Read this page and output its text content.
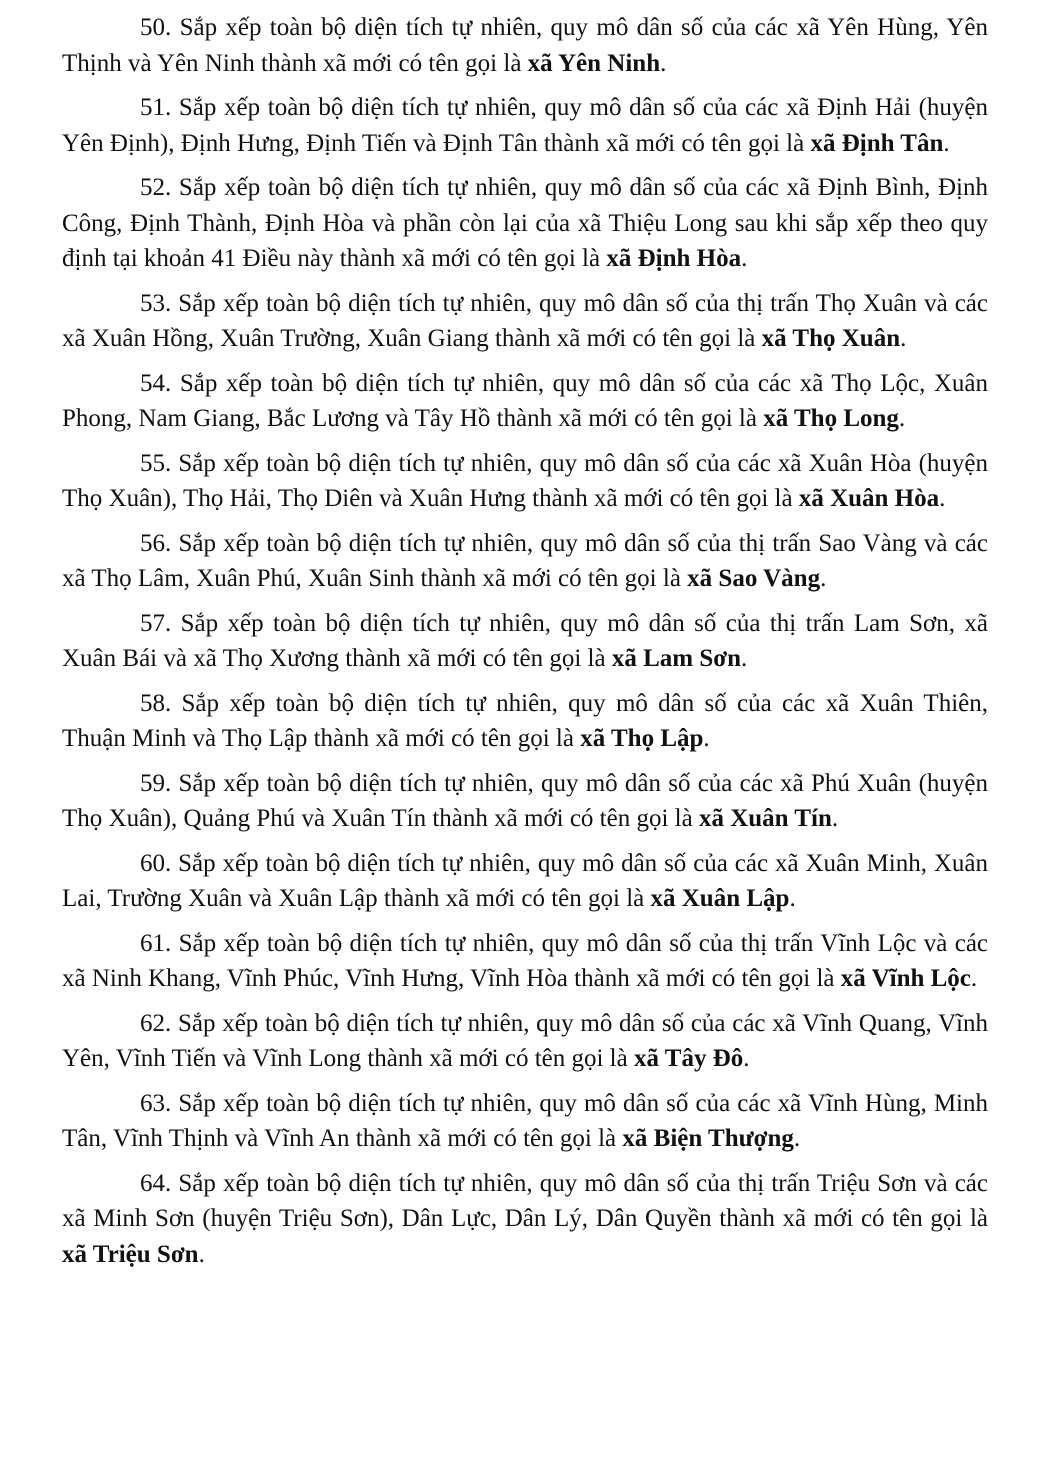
50. Sắp xếp toàn bộ diện tích tự nhiên, quy mô dân số của các xã Yên Hùng, Yên Thịnh và Yên Ninh thành xã mới có tên gọi là xã Yên Ninh.

51. Sắp xếp toàn bộ diện tích tự nhiên, quy mô dân số của các xã Định Hải (huyện Yên Định), Định Hưng, Định Tiến và Định Tân thành xã mới có tên gọi là xã Định Tân.

52. Sắp xếp toàn bộ diện tích tự nhiên, quy mô dân số của các xã Định Bình, Định Công, Định Thành, Định Hòa và phần còn lại của xã Thiệu Long sau khi sắp xếp theo quy định tại khoản 41 Điều này thành xã mới có tên gọi là xã Định Hòa.

53. Sắp xếp toàn bộ diện tích tự nhiên, quy mô dân số của thị trấn Thọ Xuân và các xã Xuân Hồng, Xuân Trường, Xuân Giang thành xã mới có tên gọi là xã Thọ Xuân.

54. Sắp xếp toàn bộ diện tích tự nhiên, quy mô dân số của các xã Thọ Lộc, Xuân Phong, Nam Giang, Bắc Lương và Tây Hồ thành xã mới có tên gọi là xã Thọ Long.

55. Sắp xếp toàn bộ diện tích tự nhiên, quy mô dân số của các xã Xuân Hòa (huyện Thọ Xuân), Thọ Hải, Thọ Diên và Xuân Hưng thành xã mới có tên gọi là xã Xuân Hòa.

56. Sắp xếp toàn bộ diện tích tự nhiên, quy mô dân số của thị trấn Sao Vàng và các xã Thọ Lâm, Xuân Phú, Xuân Sinh thành xã mới có tên gọi là xã Sao Vàng.

57. Sắp xếp toàn bộ diện tích tự nhiên, quy mô dân số của thị trấn Lam Sơn, xã Xuân Bái và xã Thọ Xương thành xã mới có tên gọi là xã Lam Sơn.

58. Sắp xếp toàn bộ diện tích tự nhiên, quy mô dân số của các xã Xuân Thiên, Thuận Minh và Thọ Lập thành xã mới có tên gọi là xã Thọ Lập.

59. Sắp xếp toàn bộ diện tích tự nhiên, quy mô dân số của các xã Phú Xuân (huyện Thọ Xuân), Quảng Phú và Xuân Tín thành xã mới có tên gọi là xã Xuân Tín.

60. Sắp xếp toàn bộ diện tích tự nhiên, quy mô dân số của các xã Xuân Minh, Xuân Lai, Trường Xuân và Xuân Lập thành xã mới có tên gọi là xã Xuân Lập.

61. Sắp xếp toàn bộ diện tích tự nhiên, quy mô dân số của thị trấn Vĩnh Lộc và các xã Ninh Khang, Vĩnh Phúc, Vĩnh Hưng, Vĩnh Hòa thành xã mới có tên gọi là xã Vĩnh Lộc.

62. Sắp xếp toàn bộ diện tích tự nhiên, quy mô dân số của các xã Vĩnh Quang, Vĩnh Yên, Vĩnh Tiến và Vĩnh Long thành xã mới có tên gọi là xã Tây Đô.

63. Sắp xếp toàn bộ diện tích tự nhiên, quy mô dân số của các xã Vĩnh Hùng, Minh Tân, Vĩnh Thịnh và Vĩnh An thành xã mới có tên gọi là xã Biện Thượng.

64. Sắp xếp toàn bộ diện tích tự nhiên, quy mô dân số của thị trấn Triệu Sơn và các xã Minh Sơn (huyện Triệu Sơn), Dân Lực, Dân Lý, Dân Quyền thành xã mới có tên gọi là xã Triệu Sơn.
